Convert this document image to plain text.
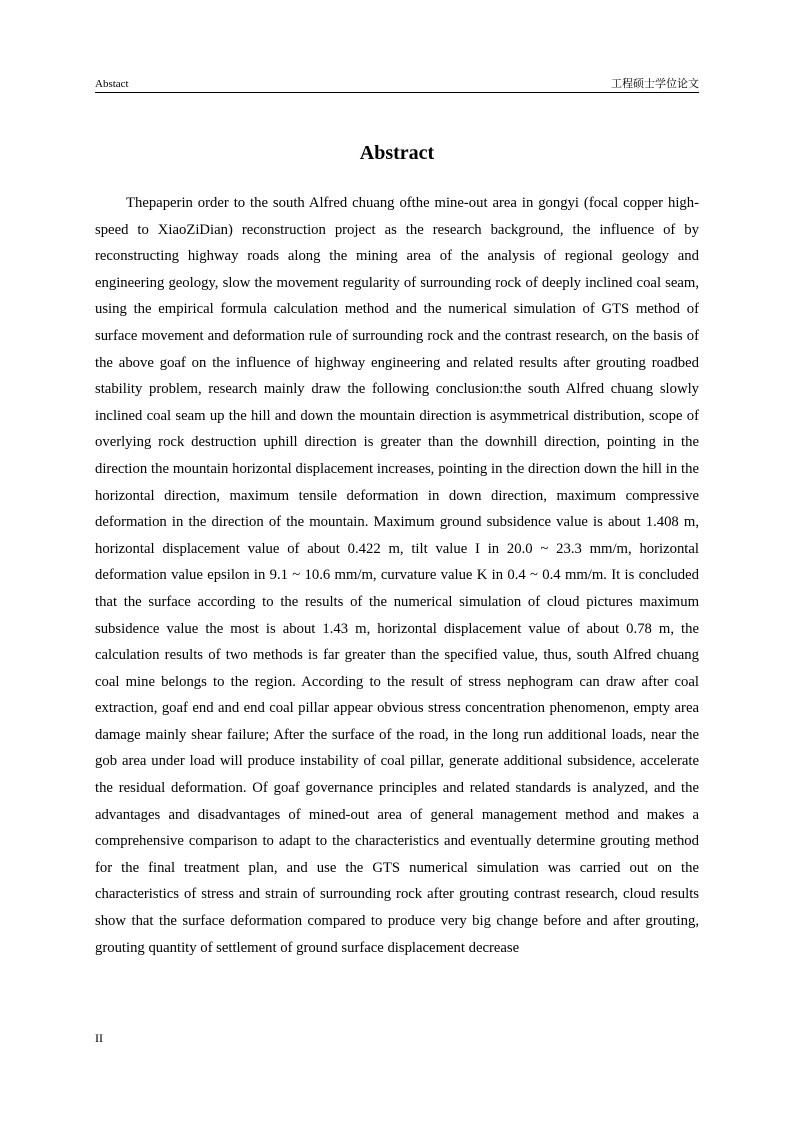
Abstact	工程硕士学位论文
Abstract

Thepaperin order to the south Alfred chuang ofthe mine-out area in gongyi (focal copper high-speed to XiaoZiDian) reconstruction project as the research background, the influence of by reconstructing highway roads along the mining area of the analysis of regional geology and engineering geology, slow the movement regularity of surrounding rock of deeply inclined coal seam, using the empirical formula calculation method and the numerical simulation of GTS method of surface movement and deformation rule of surrounding rock and the contrast research, on the basis of the above goaf on the influence of highway engineering and related results after grouting roadbed stability problem, research mainly draw the following conclusion:the south Alfred chuang slowly inclined coal seam up the hill and down the mountain direction is asymmetrical distribution, scope of overlying rock destruction uphill direction is greater than the downhill direction, pointing in the direction the mountain horizontal displacement increases, pointing in the direction down the hill in the horizontal direction, maximum tensile deformation in down direction, maximum compressive deformation in the direction of the mountain. Maximum ground subsidence value is about 1.408 m, horizontal displacement value of about 0.422 m, tilt value I in 20.0 ~ 23.3 mm/m, horizontal deformation value epsilon in 9.1 ~ 10.6 mm/m, curvature value K in 0.4 ~ 0.4 mm/m. It is concluded that the surface according to the results of the numerical simulation of cloud pictures maximum subsidence value the most is about 1.43 m, horizontal displacement value of about 0.78 m, the calculation results of two methods is far greater than the specified value, thus, south Alfred chuang coal mine belongs to the region. According to the result of stress nephogram can draw after coal extraction, goaf end and end coal pillar appear obvious stress concentration phenomenon, empty area damage mainly shear failure; After the surface of the road, in the long run additional loads, near the gob area under load will produce instability of coal pillar, generate additional subsidence, accelerate the residual deformation. Of goaf governance principles and related standards is analyzed, and the advantages and disadvantages of mined-out area of general management method and makes a comprehensive comparison to adapt to the characteristics and eventually determine grouting method for the final treatment plan, and use the GTS numerical simulation was carried out on the characteristics of stress and strain of surrounding rock after grouting contrast research, cloud results show that the surface deformation compared to produce very big change before and after grouting, grouting quantity of settlement of ground surface displacement decrease

II
